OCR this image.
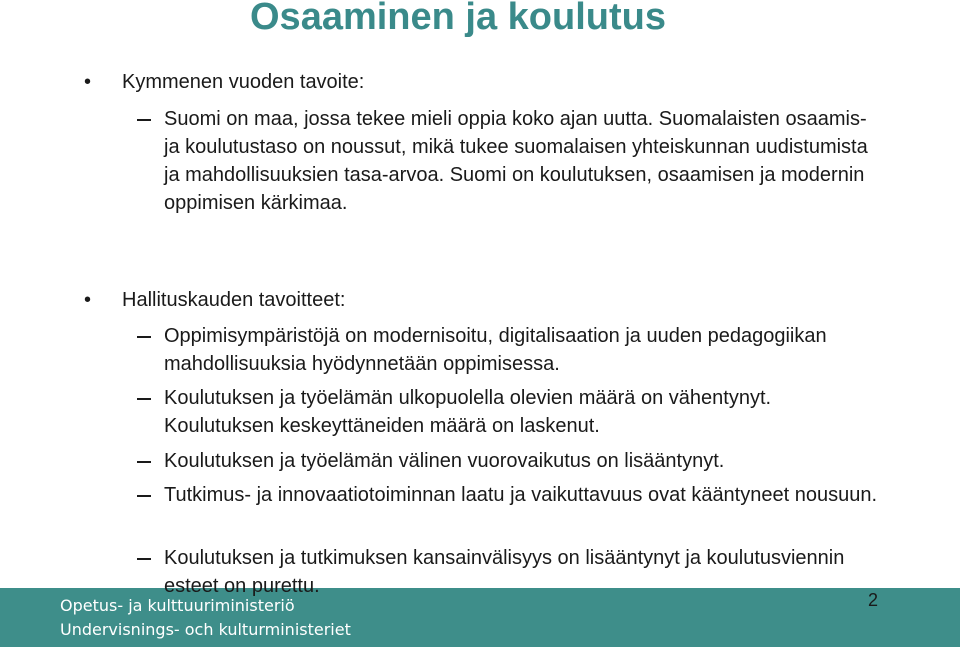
Osaaminen ja koulutus
• Kymmenen vuoden tavoite:

Suomi on maa, jossa tekee mieli oppia koko ajan uutta. Suomalaisten osaamis- ja koulutustaso on noussut, mikä tukee suomalaisen yhteiskunnan uudistumista ja mahdollisuuksien tasa-arvoa. Suomi on koulutuksen, osaamisen ja modernin oppimisen kärkimaa.

• Hallituskauden tavoitteet:

Oppimisympäristöjä on modernisoitu, digitalisaation ja uuden pedagogiikan mahdollisuuksia hyödynnetään oppimisessa.

Koulutuksen ja työelämän ulkopuolella olevien määrä on vähentynyt. Koulutuksen keskeyttäneiden määrä on laskenut.

Koulutuksen ja työelämän välinen vuorovaikutus on lisääntynyt.

Tutkimus- ja innovaatiotoiminnan laatu ja vaikuttavuus ovat kääntyneet nousuun.

Opetus- ja kulttuuriministeriö
Undervisnings- och kulturministeriet

Koulutuksen ja tutkimuksen kansainvälisyys on lisääntynyt ja koulutusviennin esteet on purettu.

2
